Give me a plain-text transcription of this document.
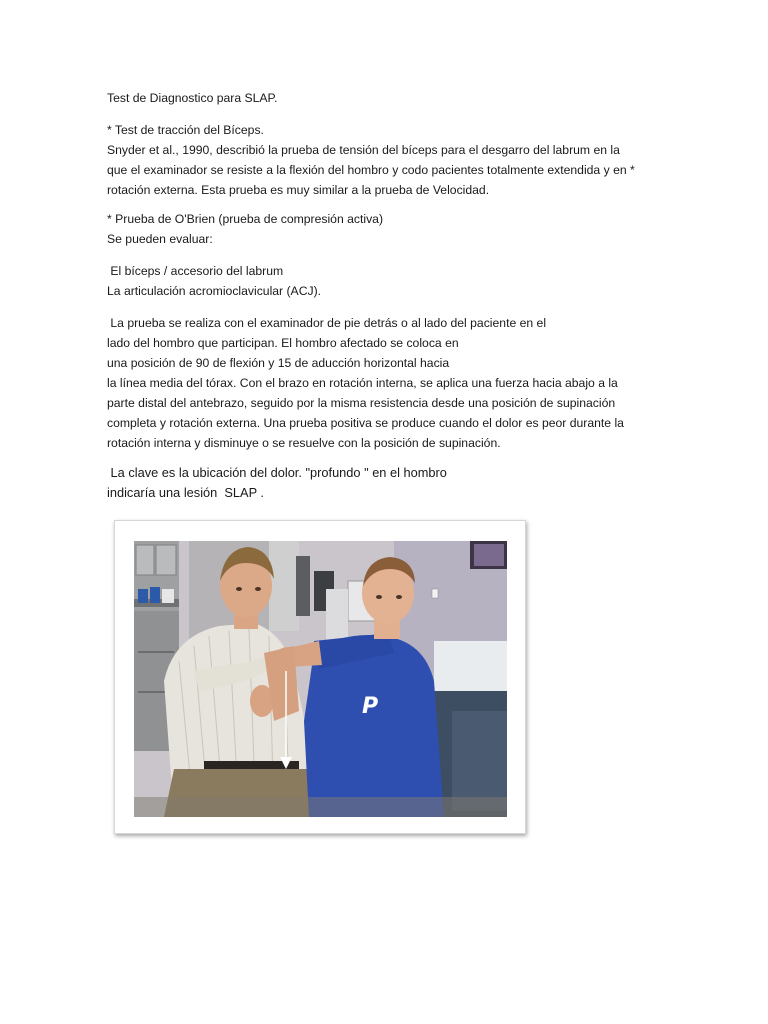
Test de Diagnostico para SLAP.

* Test de tracción del Bíceps.
Snyder et al., 1990, describió la prueba de tensión del bíceps para el desgarro del labrum en la
que el examinador se resiste a la flexión del hombro y codo pacientes totalmente extendida y en *
rotación externa. Esta prueba es muy similar a la prueba de Velocidad.

* Prueba de O'Brien (prueba de compresión activa)
Se pueden evaluar:

El bíceps / accesorio del labrum
La articulación acromioclavicular (ACJ).

La prueba se realiza con el examinador de pie detrás o al lado del paciente en el
lado del hombro que participan. El hombro afectado se coloca en
una posición de 90 de flexión y 15 de aducción horizontal hacia
la línea media del tórax. Con el brazo en rotación interna, se aplica una fuerza hacia abajo a la
parte distal del antebrazo, seguido por la misma resistencia desde una posición de supinación
completa y rotación externa. Una prueba positiva se produce cuando el dolor es peor durante la
rotación interna y disminuye o se resuelve con la posición de supinación.

La clave es la ubicación del dolor. "profundo " en el hombro
indicaría una lesión  SLAP .

P
